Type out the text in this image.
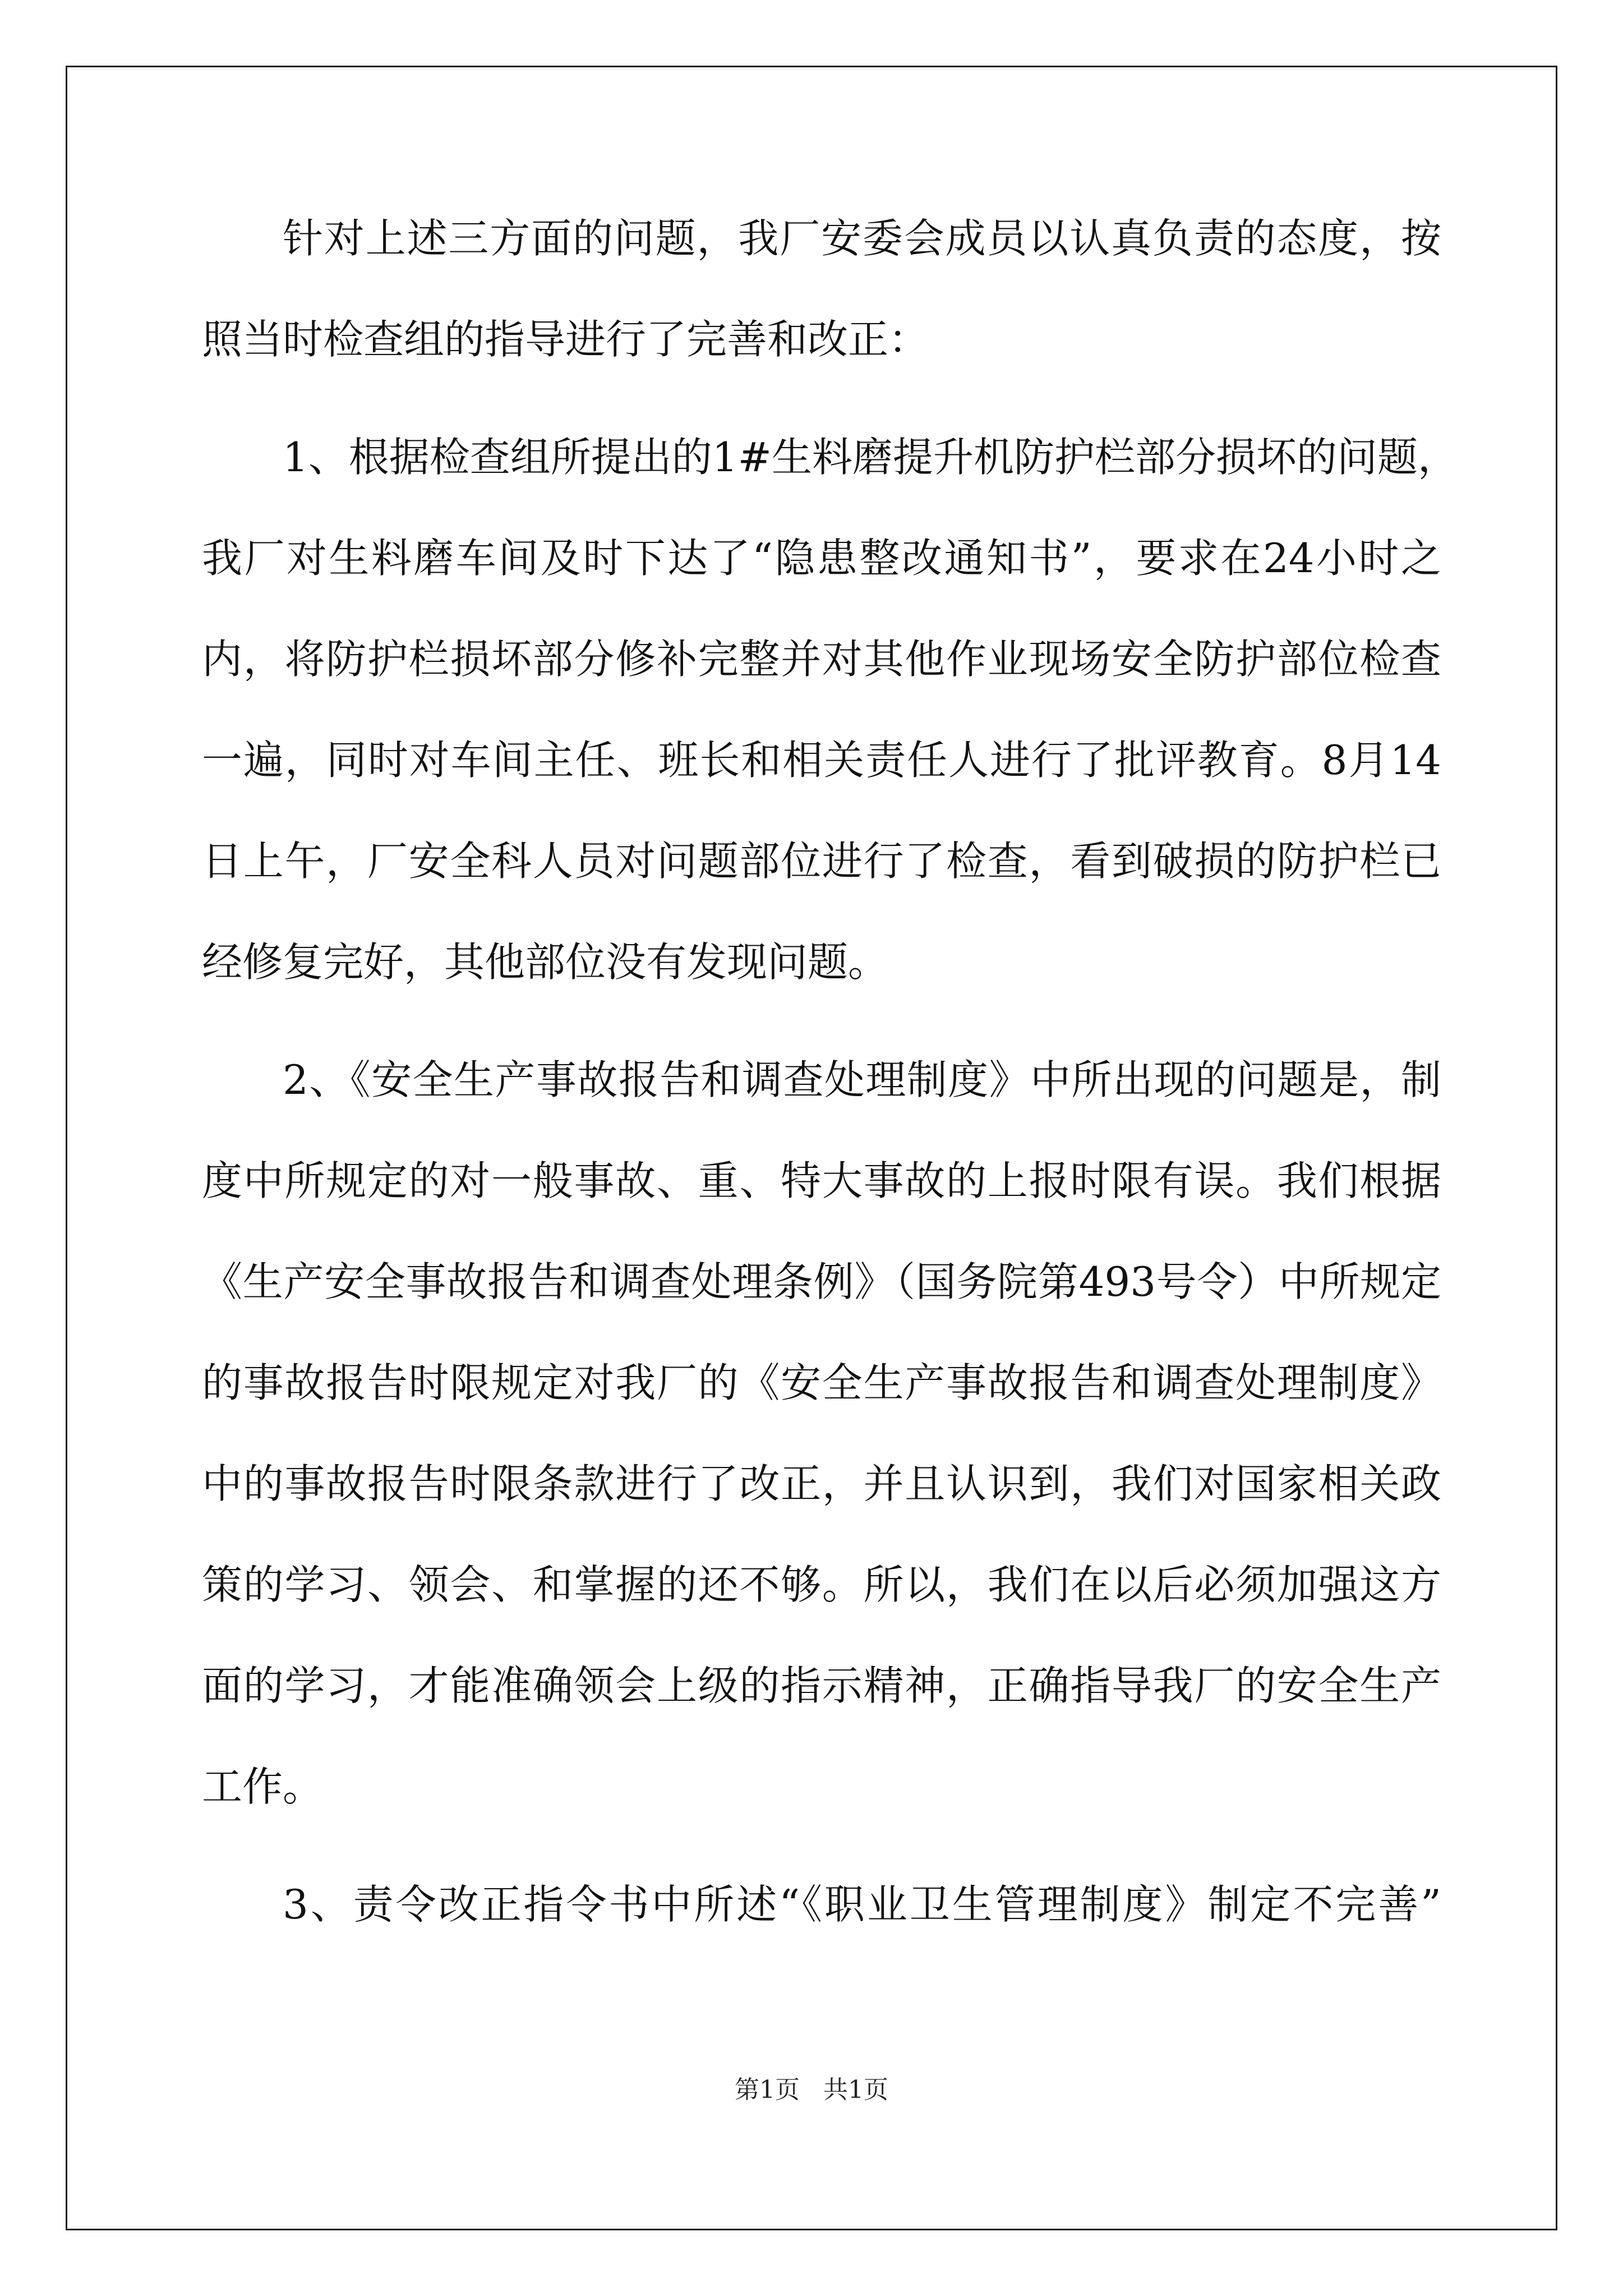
针对上述三方面的问题，我厂安委会成员以认真负责的态度，按
照当时检查组的指导进行了完善和改正：
1、根据检查组所提出的1#生料磨提升机防护栏部分损坏的问题，
我厂对生料磨车间及时下达了“隐患整改通知书”，要求在24小时之
内，将防护栏损坏部分修补完整并对其他作业现场安全防护部位检查
一遍，同时对车间主任、班长和相关责任人进行了批评教育。8月14
日上午，厂安全科人员对问题部位进行了检查，看到破损的防护栏已
经修复完好，其他部位没有发现问题。
2、《安全生产事故报告和调查处理制度》中所出现的问题是，制
度中所规定的对一般事故、重、特大事故的上报时限有误。我们根据
《生产安全事故报告和调查处理条例》（国务院第493号令）中所规定
的事故报告时限规定对我厂的《安全生产事故报告和调查处理制度》
中的事故报告时限条款进行了改正，并且认识到，我们对国家相关政
策的学习、领会、和掌握的还不够。所以，我们在以后必须加强这方
面的学习，才能准确领会上级的指示精神，正确指导我厂的安全生产
工作。
3、责令改正指令书中所述“《职业卫生管理制度》制定不完善”
第1页   共1页
